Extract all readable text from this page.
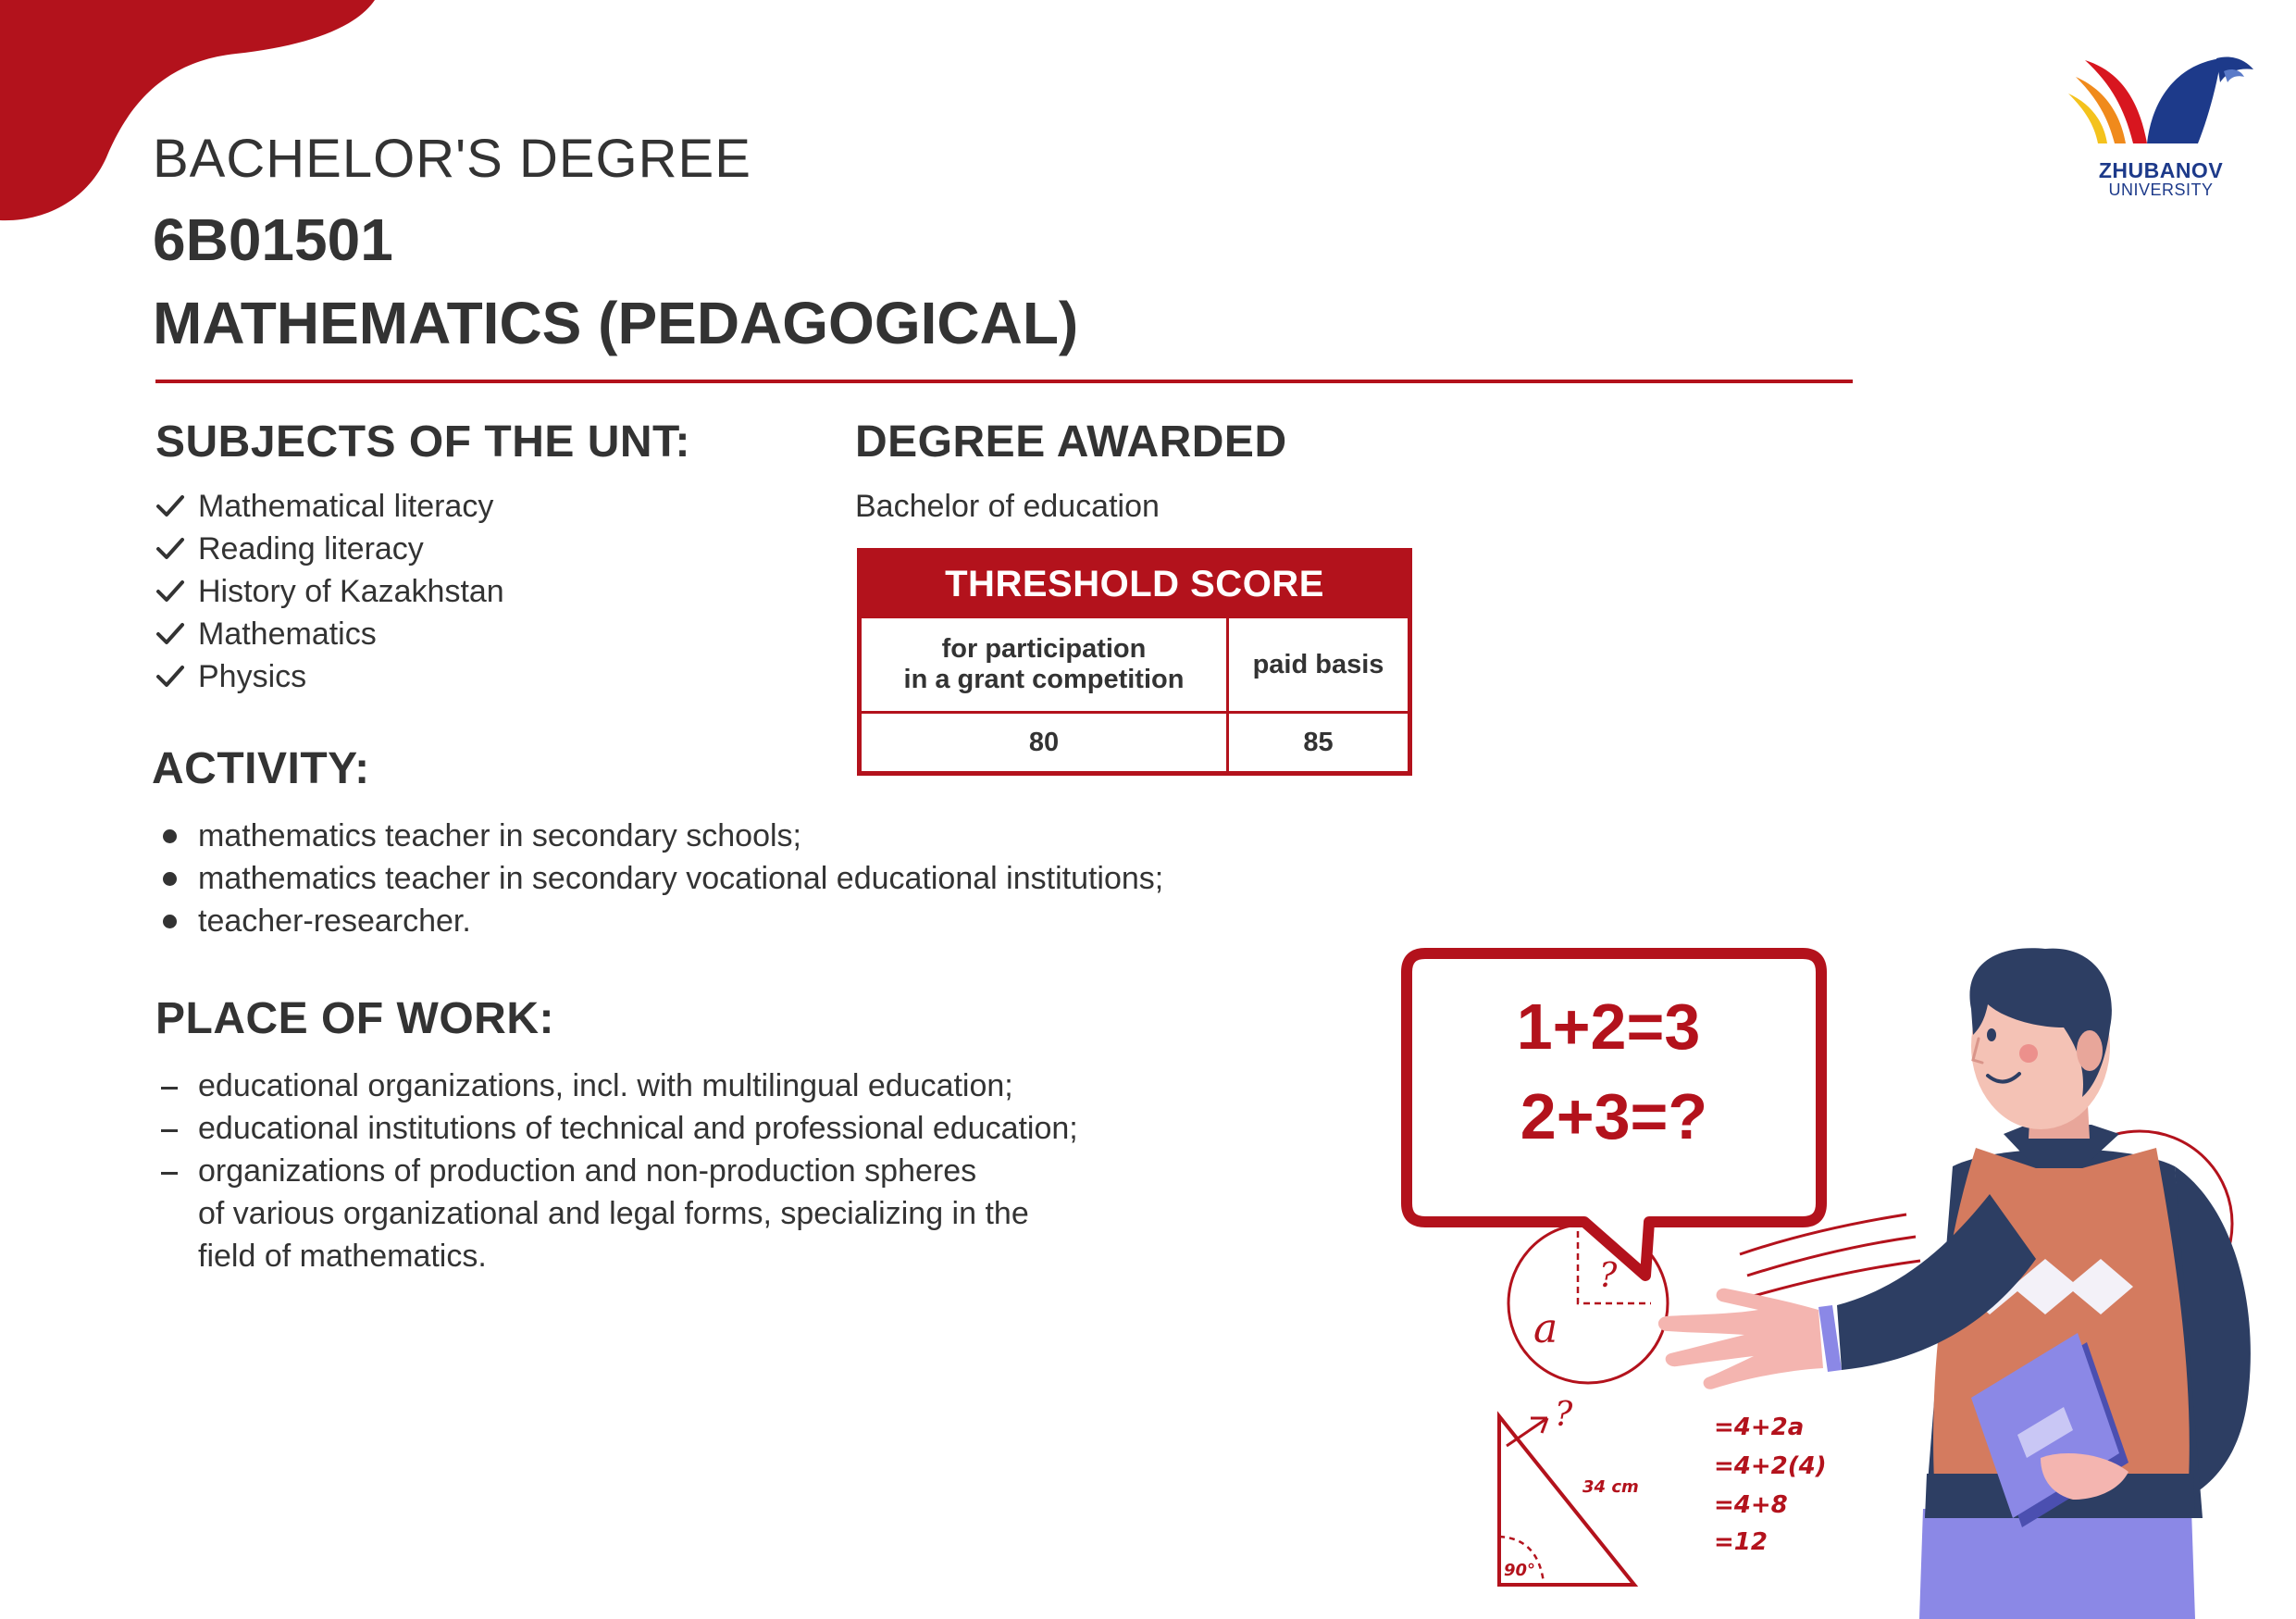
ZHUBANOV
UNIVERSITY
BACHELOR'S DEGREE
6B01501
MATHEMATICS (PEDAGOGICAL)
SUBJECTS OF THE UNT:
Mathematical literacy
Reading literacy
History of Kazakhstan
Mathematics
Physics
DEGREE AWARDED
Bachelor of education
THRESHOLD SCORE	

for participation
in a grant competition	paid basis
80	85
ACTIVITY:
mathematics teacher in secondary schools;
mathematics teacher in secondary vocational educational institutions;
teacher-researcher.
PLACE OF WORK:
educational organizations, incl. with multilingual education;
educational institutions of technical and professional education;
organizations of production and non-production spheres
of various organizational and legal forms, specializing in the
field of mathematics.
1+2=3
2+3=?
?
a
?
34 cm
90°
=4+2a
=4+2(4)
=4+8
=12
